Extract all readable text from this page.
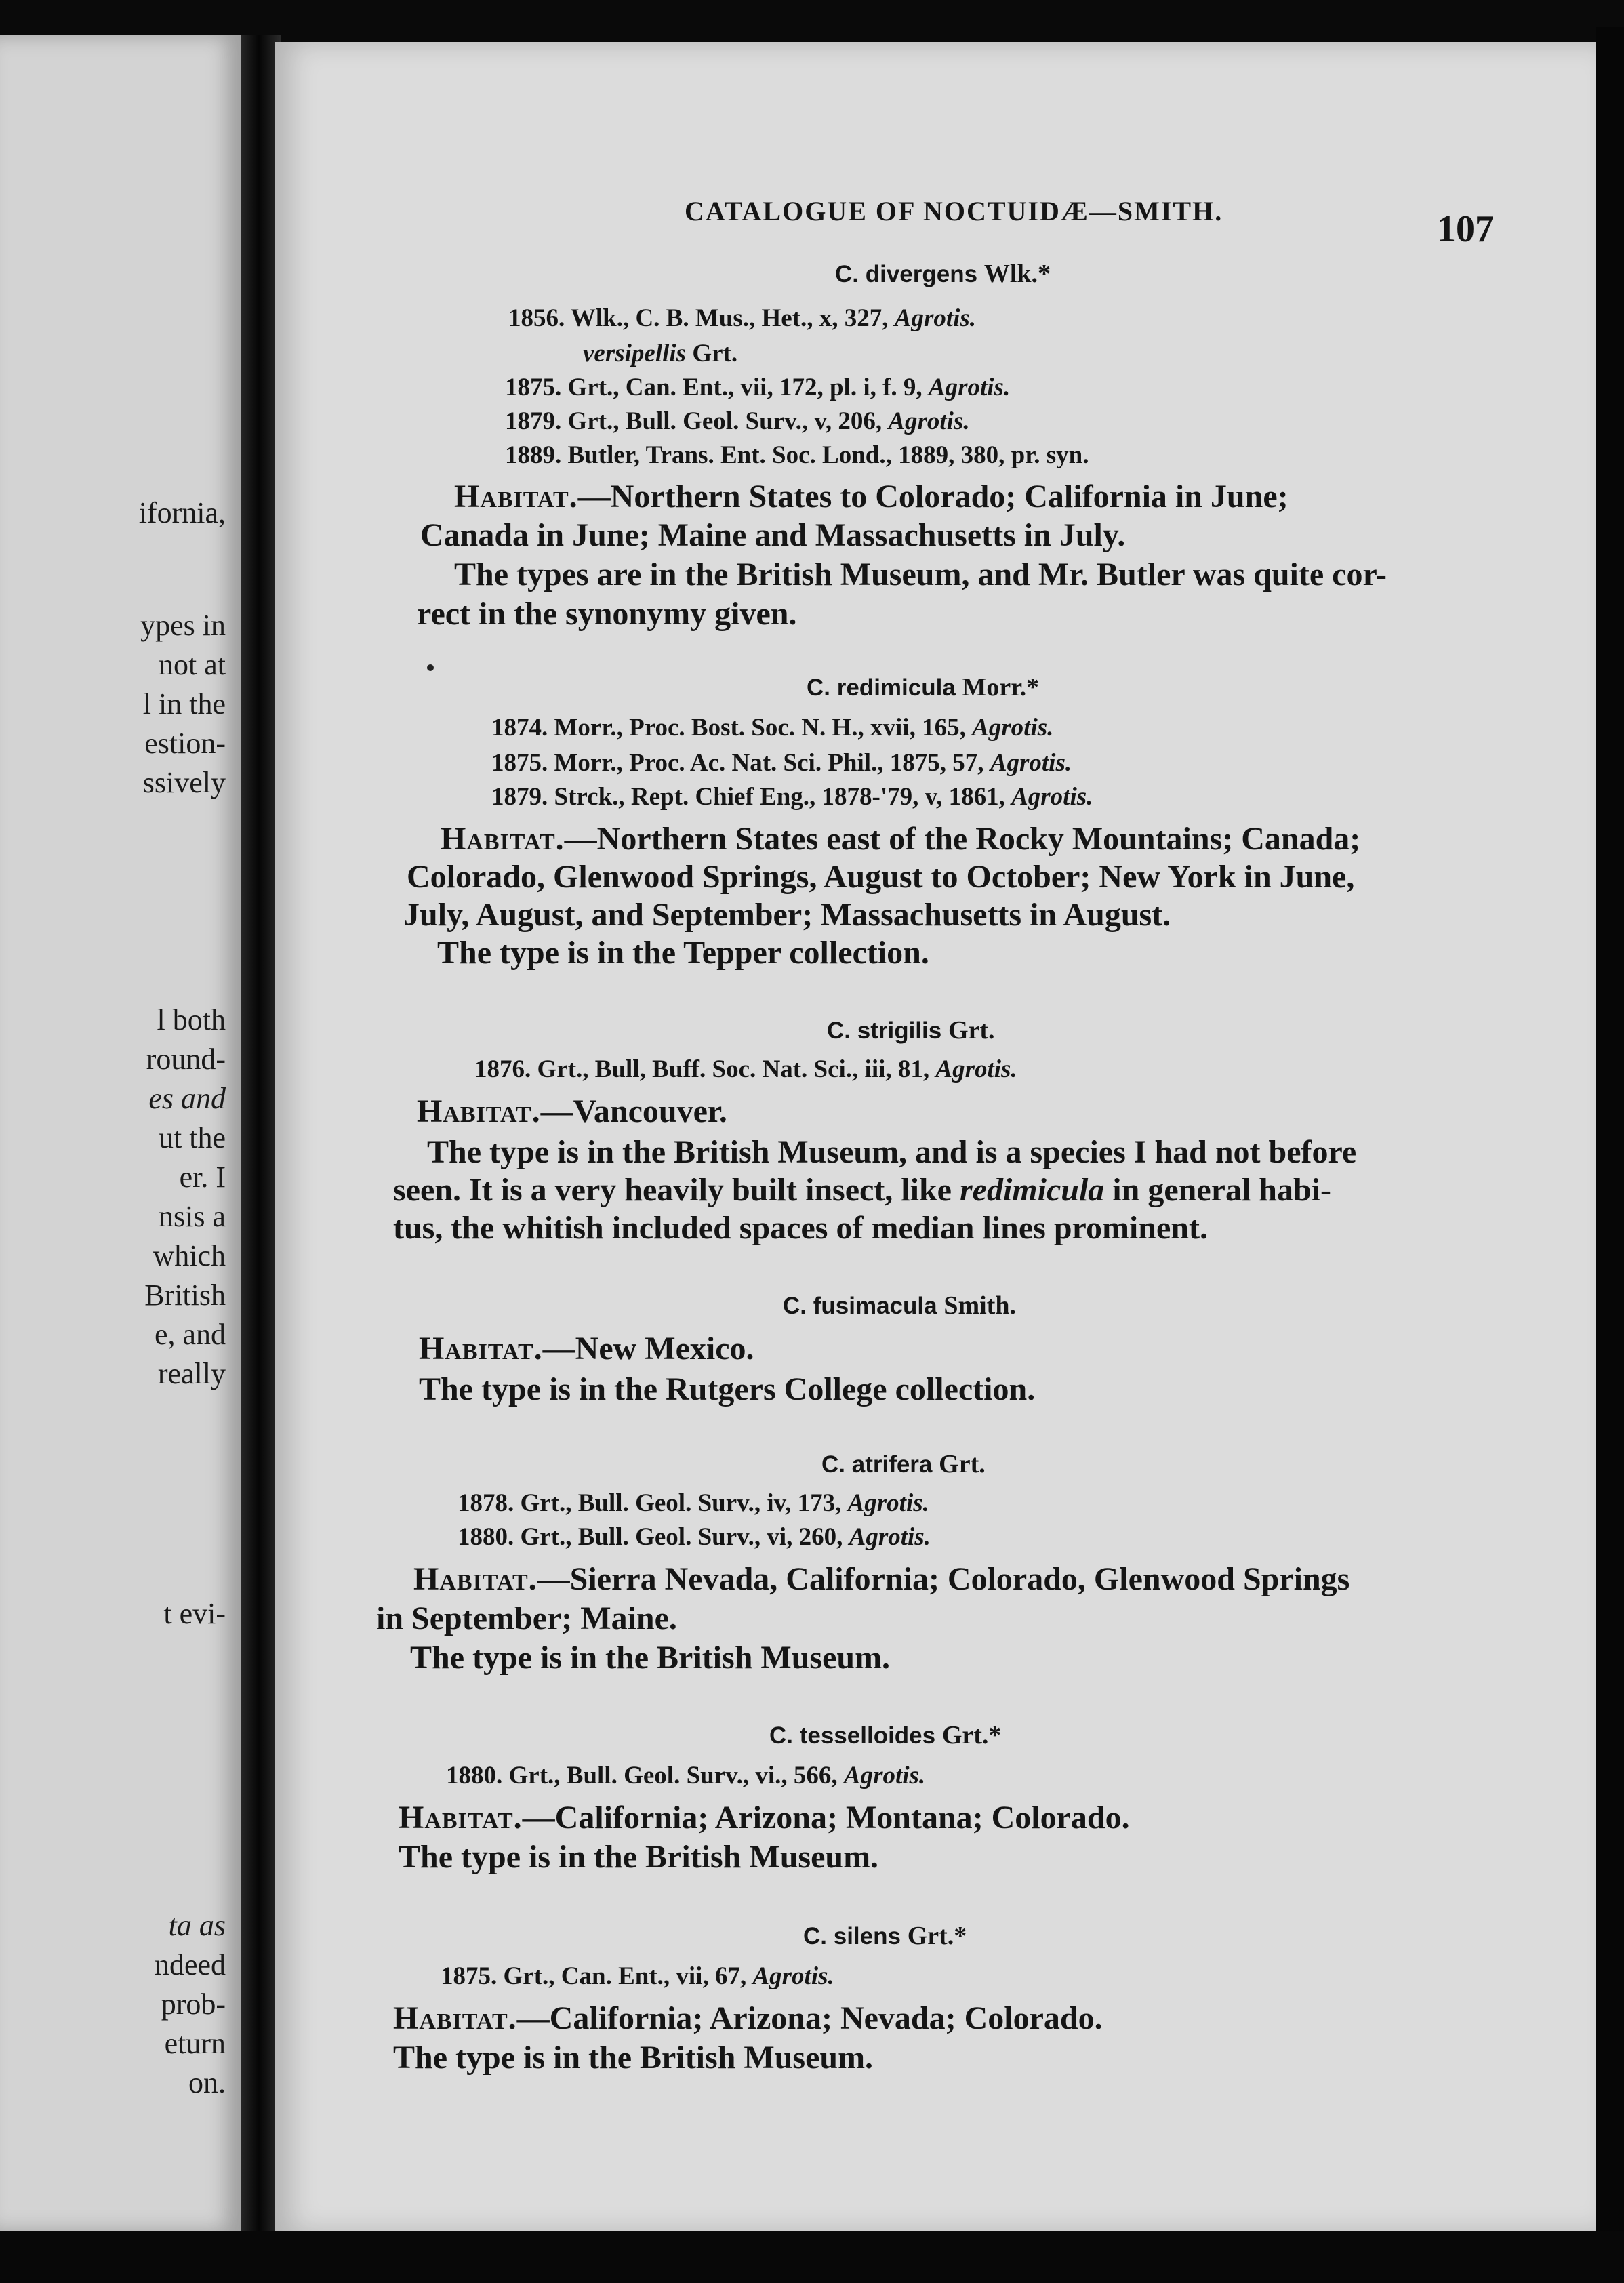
ifornia,
ypes in
not at
l in the
estion-
ssively
l both
round-
es and
ut the
er. I
nsis a
which
British
e, and
really
t evi-
ta as
ndeed
prob-
eturn
on.
CATALOGUE OF NOCTUIDÆ—SMITH.	107
C. divergens Wlk.*
1856. Wlk., C. B. Mus., Het., x, 327, Agrotis.
versipellis Grt.
1875. Grt., Can. Ent., vii, 172, pl. i, f. 9, Agrotis.
1879. Grt., Bull. Geol. Surv., v, 206, Agrotis.
1889. Butler, Trans. Ent. Soc. Lond., 1889, 380, pr. syn.
Habitat.—Northern States to Colorado; California in June;
Canada in June; Maine and Massachusetts in July.
The types are in the British Museum, and Mr. Butler was quite cor-
rect in the synonymy given.
C. redimicula Morr.*
1874. Morr., Proc. Bost. Soc. N. H., xvii, 165, Agrotis.
1875. Morr., Proc. Ac. Nat. Sci. Phil., 1875, 57, Agrotis.
1879. Strck., Rept. Chief Eng., 1878-'79, v, 1861, Agrotis.
Habitat.—Northern States east of the Rocky Mountains; Canada;
Colorado, Glenwood Springs, August to October; New York in June,
July, August, and September; Massachusetts in August.
The type is in the Tepper collection.
C. strigilis Grt.
1876. Grt., Bull, Buff. Soc. Nat. Sci., iii, 81, Agrotis.
Habitat.—Vancouver.
The type is in the British Museum, and is a species I had not before
seen. It is a very heavily built insect, like redimicula in general habi-
tus, the whitish included spaces of median lines prominent.
C. fusimacula Smith.
Habitat.—New Mexico.
The type is in the Rutgers College collection.
C. atrifera Grt.
1878. Grt., Bull. Geol. Surv., iv, 173, Agrotis.
1880. Grt., Bull. Geol. Surv., vi, 260, Agrotis.
Habitat.—Sierra Nevada, California; Colorado, Glenwood Springs
in September; Maine.
The type is in the British Museum.
C. tesselloides Grt.*
1880. Grt., Bull. Geol. Surv., vi., 566, Agrotis.
Habitat.—California; Arizona; Montana; Colorado.
The type is in the British Museum.
C. silens Grt.*
1875. Grt., Can. Ent., vii, 67, Agrotis.
Habitat.—California; Arizona; Nevada; Colorado.
The type is in the British Museum.
